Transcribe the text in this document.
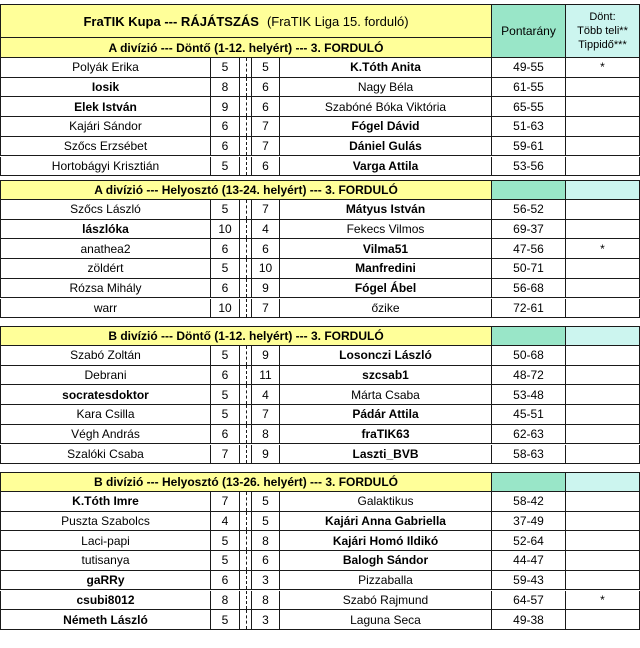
FraTIK Kupa --- RÁJÁTSZÁS (FraTIK Liga 15. forduló)
Pontarány
Dönt:
Több teli**
Tippidő***
A divízió --- Döntő (1-12. helyért) --- 3. FORDULÓ
Polyák Erika	5	5	K.Tóth Anita	49-55	*
Iosik	8	6	Nagy Béla	61-55
Elek István	9	6	Szabóné Bóka Viktória	65-55
Kajári Sándor	6	7	Fógel Dávid	51-63
Szőcs Erzsébet	6	7	Dániel Gulás	59-61
Hortobágyi Krisztián	5	6	Varga Attila	53-56
A divízió --- Helyosztó (13-24. helyért) --- 3. FORDULÓ
Szőcs László	5	7	Mátyus István	56-52
lászlóka	10	4	Fekecs Vilmos	69-37
anathea2	6	6	Vilma51	47-56	*
zöldért	5	10	Manfredini	50-71
Rózsa Mihály	6	9	Fógel Ábel	56-68
warr	10	7	őzike	72-61
B divízió --- Döntő (1-12. helyért) --- 3. FORDULÓ
Szabó Zoltán	5	9	Losonczi László	50-68
Debrani	6	11	szcsab1	48-72
socratesdoktor	5	4	Márta Csaba	53-48
Kara Csilla	5	7	Pádár Attila	45-51
Végh András	6	8	fraTIK63	62-63
Szalóki Csaba	7	9	Laszti_BVB	58-63
B divízió --- Helyosztó (13-26. helyért) --- 3. FORDULÓ
K.Tóth Imre	7	5	Galaktikus	58-42
Puszta Szabolcs	4	5	Kajári Anna Gabriella	37-49
Laci-papi	5	8	Kajári Homó Ildikó	52-64
tutisanya	5	6	Balogh Sándor	44-47
gaRRy	6	3	Pizzaballa	59-43
csubi8012	8	8	Szabó Rajmund	64-57	*
Németh László	5	3	Laguna Seca	49-38
